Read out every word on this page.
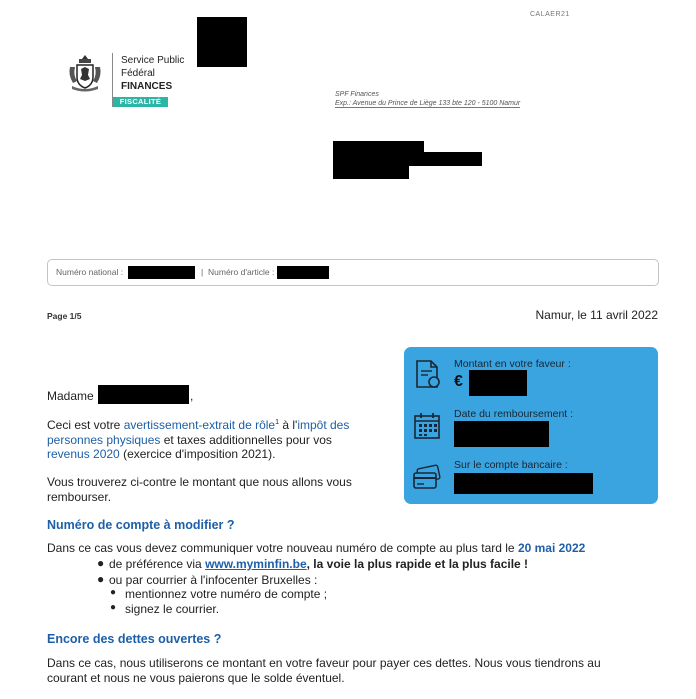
CALAER21
Service Public
Fédéral
FINANCES
FISCALITÉ
SPF Finances
Exp.: Avenue du Prince de Liège 133 bte 120 - 5100 Namur
Numéro national :	| Numéro d'article :
Page 1/5	Namur, le 11 avril 2022
Montant en votre faveur :
€
Date du remboursement :
Sur le compte bancaire :
Madame	,
Ceci est votre avertissement-extrait de rôle$^1$ à l'impôt des
personnes physiques et taxes additionnelles pour vos
revenus 2020 (exercice d'imposition 2021).
Vous trouverez ci-contre le montant que nous allons vous
rembourser.
Numéro de compte à modifier ?
Dans ce cas vous devez communiquer votre nouveau numéro de compte au plus tard le 20 mai 2022
● de préférence via www.myminfin.be, la voie la plus rapide et la plus facile !
● ou par courrier à l'infocenter Bruxelles :
● mentionnez votre numéro de compte ;
● signez le courrier.
Encore des dettes ouvertes ?
Dans ce cas, nous utiliserons ce montant en votre faveur pour payer ces dettes. Nous vous tiendrons au
courant et nous ne vous paierons que le solde éventuel.
